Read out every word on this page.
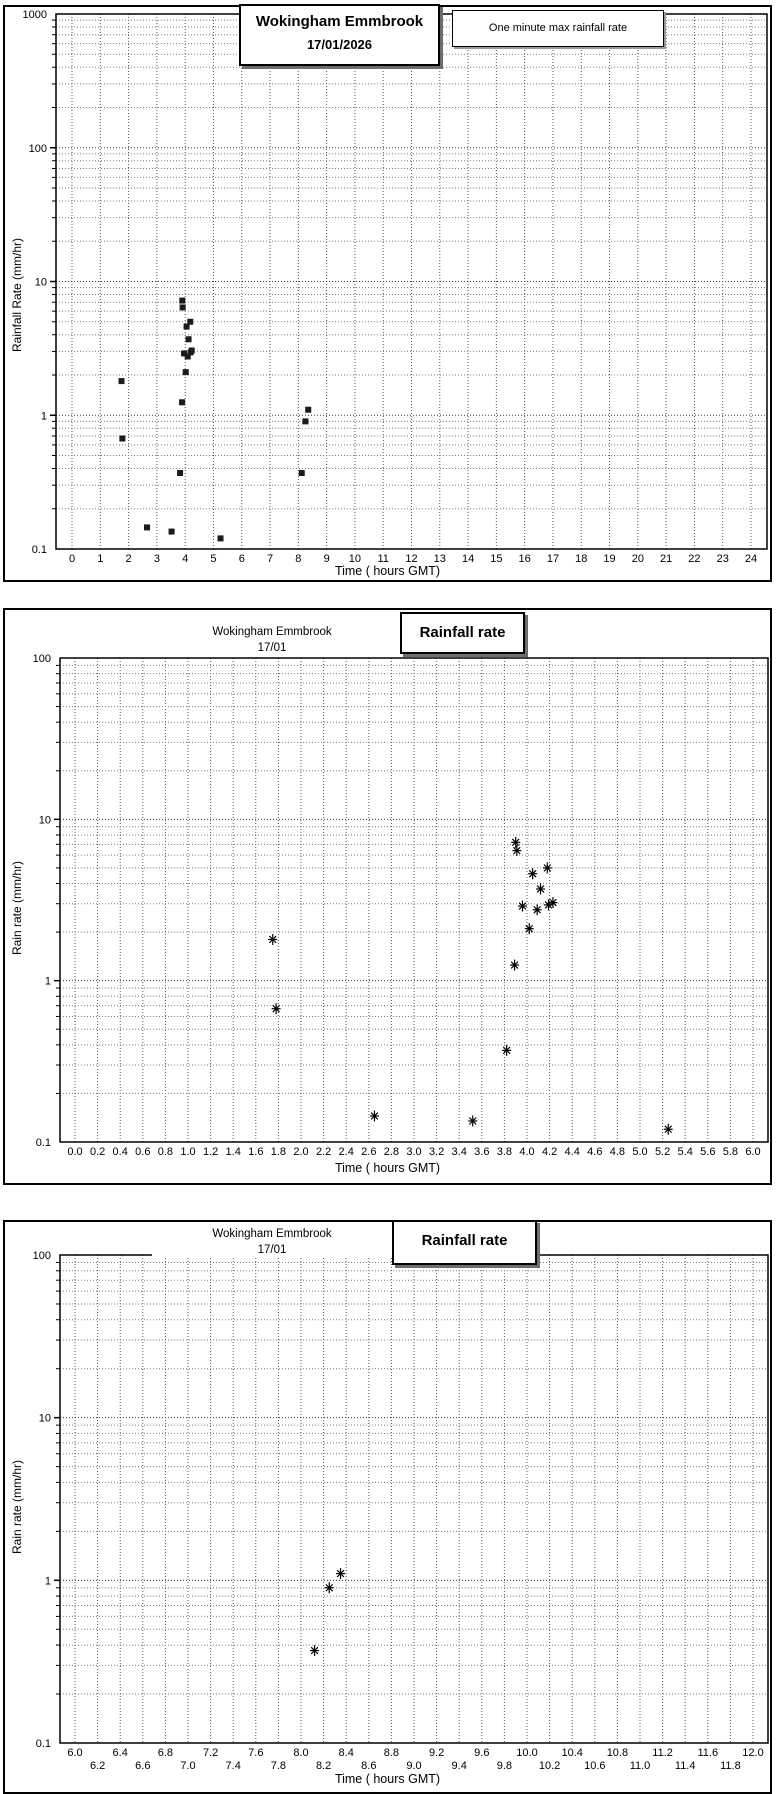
0 1 2 3 4 5 6 7 8 9 10 11 12 13 14 15 16 17 18 19 20 21 22 23 24
1000
100
10
1
0.1
Rainfall Rate (mm/hr)
Time ( hours GMT)
Wokingham Emmbrook
17/01/2026
One minute max rainfall rate
0.0 0.2 0.4 0.6 0.8 1.0 1.2 1.4 1.6 1.8 2.0 2.2 2.4 2.6 2.8 3.0 3.2 3.4 3.6 3.8 4.0 4.2 4.4 4.6 4.8 5.0 5.2 5.4 5.6 5.8 6.0
100
10
1
0.1
Wokingham Emmbrook
17/01
Rainfall rate
Rain rate (mm/hr)
Time ( hours GMT)
6.0
6.2
6.4
6.6
6.8
7.0
7.2
7.4
7.6
7.8
8.0
8.2
8.4
8.6
8.8
9.0
9.2
9.4
9.6
9.8
10.0
10.2
10.4
10.6
10.8
11.0
11.2
11.4
11.6
11.8
12.0
100
10
1
0.1
Wokingham Emmbrook
17/01
Rainfall rate
Rain rate (mm/hr)
Time ( hours GMT)
